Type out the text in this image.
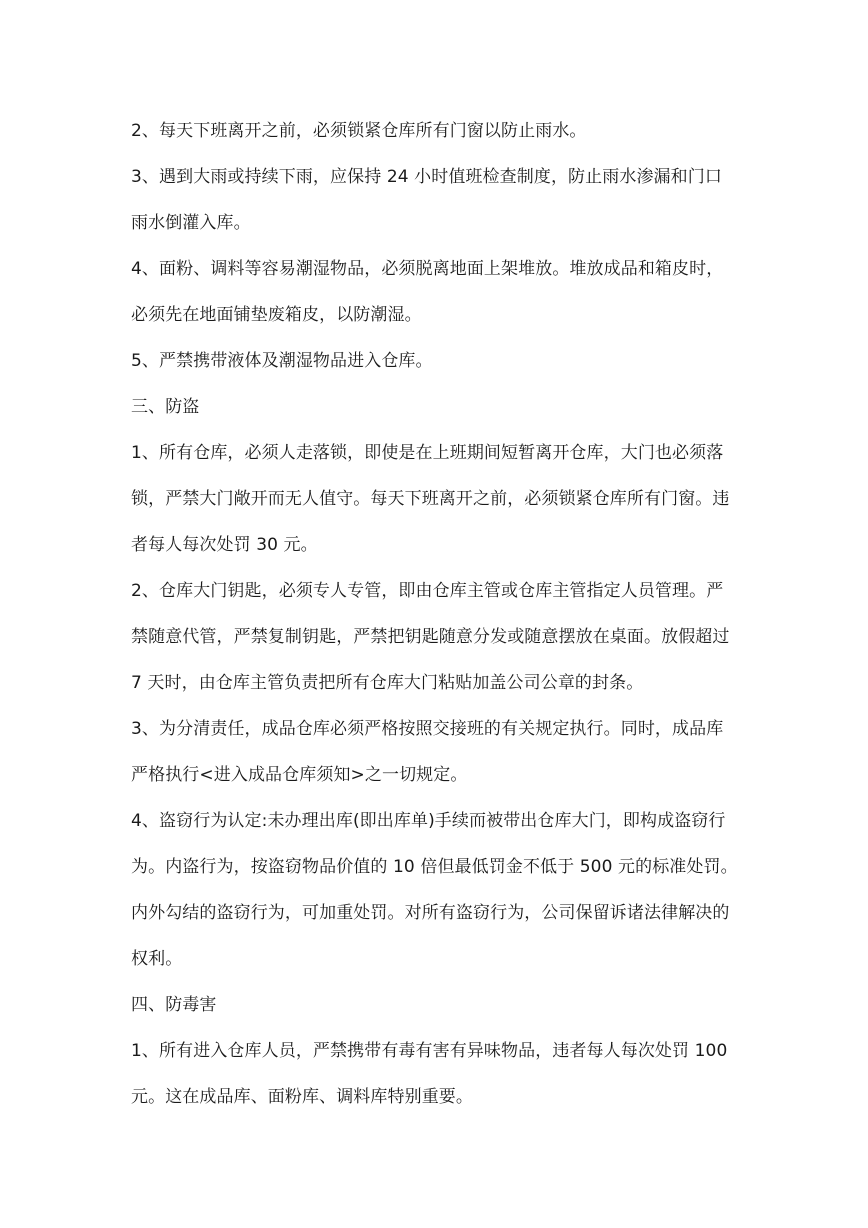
2、每天下班离开之前，必须锁紧仓库所有门窗以防止雨水。
3、遇到大雨或持续下雨，应保持 24 小时值班检查制度，防止雨水渗漏和门口
雨水倒灌入库。
4、面粉、调料等容易潮湿物品，必须脱离地面上架堆放。堆放成品和箱皮时，
必须先在地面铺垫废箱皮，以防潮湿。
5、严禁携带液体及潮湿物品进入仓库。
三、防盗
1、所有仓库，必须人走落锁，即使是在上班期间短暂离开仓库，大门也必须落
锁，严禁大门敞开而无人值守。每天下班离开之前，必须锁紧仓库所有门窗。违
者每人每次处罚 30 元。
2、仓库大门钥匙，必须专人专管，即由仓库主管或仓库主管指定人员管理。严
禁随意代管，严禁复制钥匙，严禁把钥匙随意分发或随意摆放在桌面。放假超过
7 天时，由仓库主管负责把所有仓库大门粘贴加盖公司公章的封条。
3、为分清责任，成品仓库必须严格按照交接班的有关规定执行。同时，成品库
严格执行<进入成品仓库须知>之一切规定。
4、盗窃行为认定:未办理出库(即出库单)手续而被带出仓库大门，即构成盗窃行
为。内盗行为，按盗窃物品价值的 10 倍但最低罚金不低于 500 元的标准处罚。
内外勾结的盗窃行为，可加重处罚。对所有盗窃行为，公司保留诉诸法律解决的
权利。
四、防毒害
1、所有进入仓库人员，严禁携带有毒有害有异味物品，违者每人每次处罚 100
元。这在成品库、面粉库、调料库特别重要。
